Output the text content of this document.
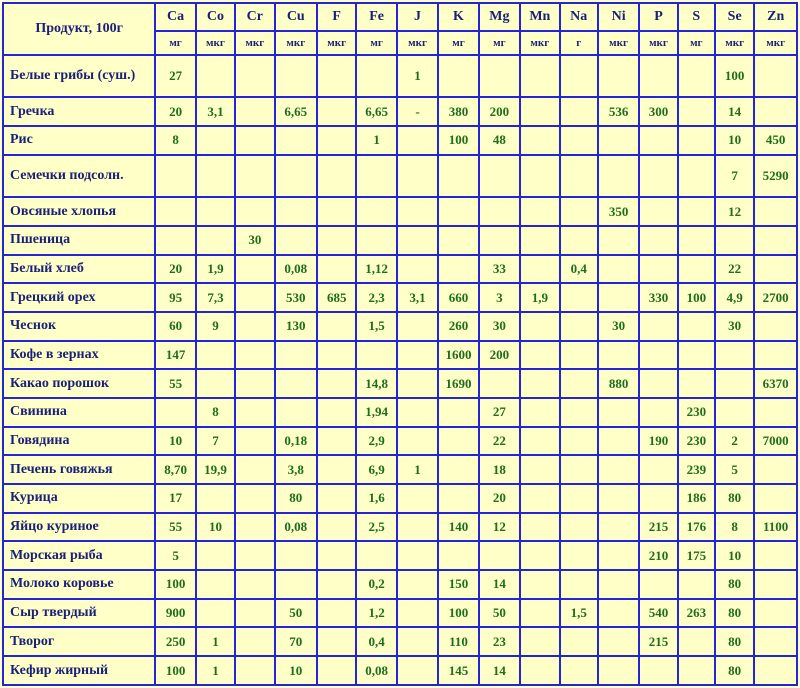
Продукт, 100г	Ca	Co	Cr	Cu	F	Fe	J	K	Mg	Mn	Na	Ni	P	S	Se	Zn
	мг	мкг	мкг	мкг	мкг	мг	мкг	мг	мг	мкг	г	мкг	мкг	мг	мкг	мкг
Белые грибы (суш.)	27						1								100	
Гречка	20	3,1		6,65		6,65	-	380	200			536	300		14	
Рис	8					1		100	48						10	450
Семечки подсолн.															7	5290
Овсяные хлопья												350			12	
Пшеница			30													
Белый хлеб	20	1,9		0,08		1,12			33		0,4				22	
Грецкий орех	95	7,3		530	685	2,3	3,1	660	3	1,9			330	100	4,9	2700
Чеснок	60	9		130		1,5		260	30			30			30	
Кофе в зернах	147							1600	200							
Какао порошок	55					14,8		1690				880				6370
Свинина		8				1,94			27					230		
Говядина	10	7		0,18		2,9			22				190	230	2	7000
Печень говяжья	8,70	19,9		3,8		6,9	1		18					239	5	
Курица	17			80		1,6			20					186	80	
Яйцо куриное	55	10		0,08		2,5		140	12				215	176	8	1100
Морская рыба	5												210	175	10	
Молоко коровье	100					0,2		150	14						80	
Сыр твердый	900			50		1,2		100	50		1,5		540	263	80	
Творог	250	1		70		0,4		110	23				215		80	
Кефир жирный	100	1		10		0,08		145	14						80	
